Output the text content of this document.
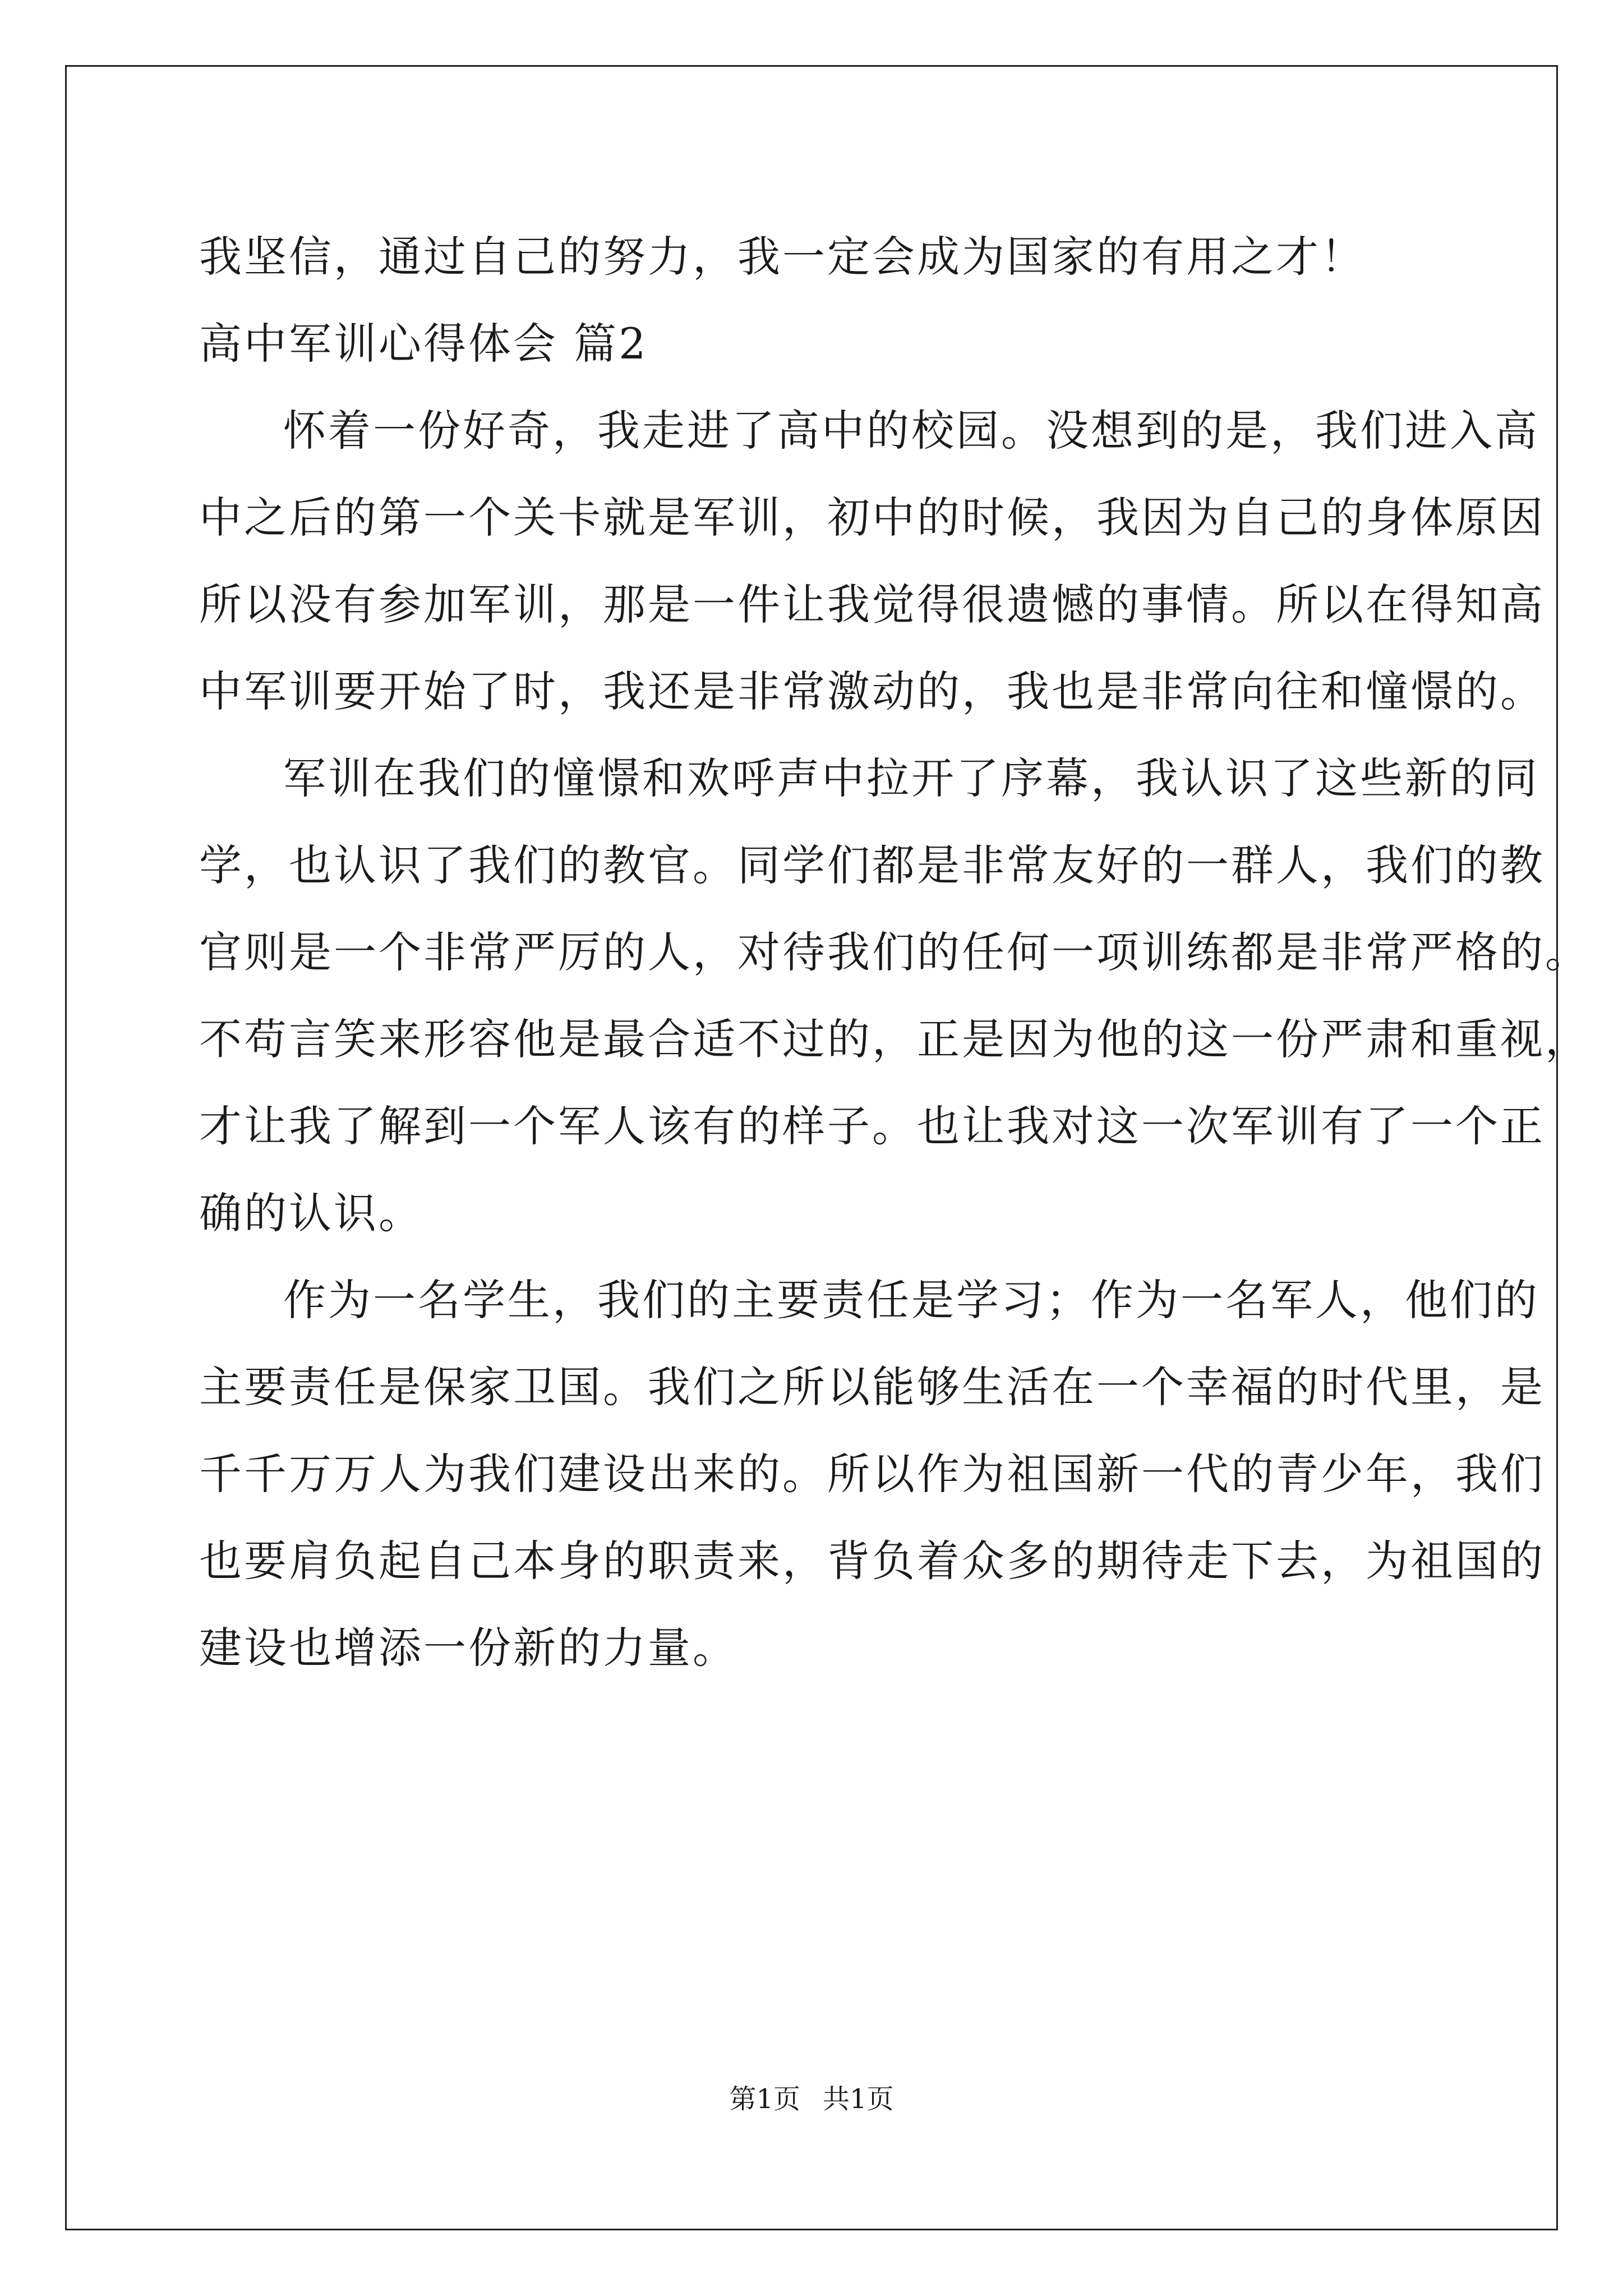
我坚信，通过自己的努力，我一定会成为国家的有用之才！

高中军训心得体会 篇2

怀着一份好奇，我走进了高中的校园。没想到的是，我们进入高

中之后的第一个关卡就是军训，初中的时候，我因为自己的身体原因

所以没有参加军训，那是一件让我觉得很遗憾的事情。所以在得知高

中军训要开始了时，我还是非常激动的，我也是非常向往和憧憬的。

军训在我们的憧憬和欢呼声中拉开了序幕，我认识了这些新的同

学，也认识了我们的教官。同学们都是非常友好的一群人，我们的教

官则是一个非常严厉的人，对待我们的任何一项训练都是非常严格的。

不苟言笑来形容他是最合适不过的，正是因为他的这一份严肃和重视，

才让我了解到一个军人该有的样子。也让我对这一次军训有了一个正

确的认识。

作为一名学生，我们的主要责任是学习；作为一名军人，他们的

主要责任是保家卫国。我们之所以能够生活在一个幸福的时代里，是

千千万万人为我们建设出来的。所以作为祖国新一代的青少年，我们

也要肩负起自己本身的职责来，背负着众多的期待走下去，为祖国的

建设也增添一份新的力量。

第1页 共1页
